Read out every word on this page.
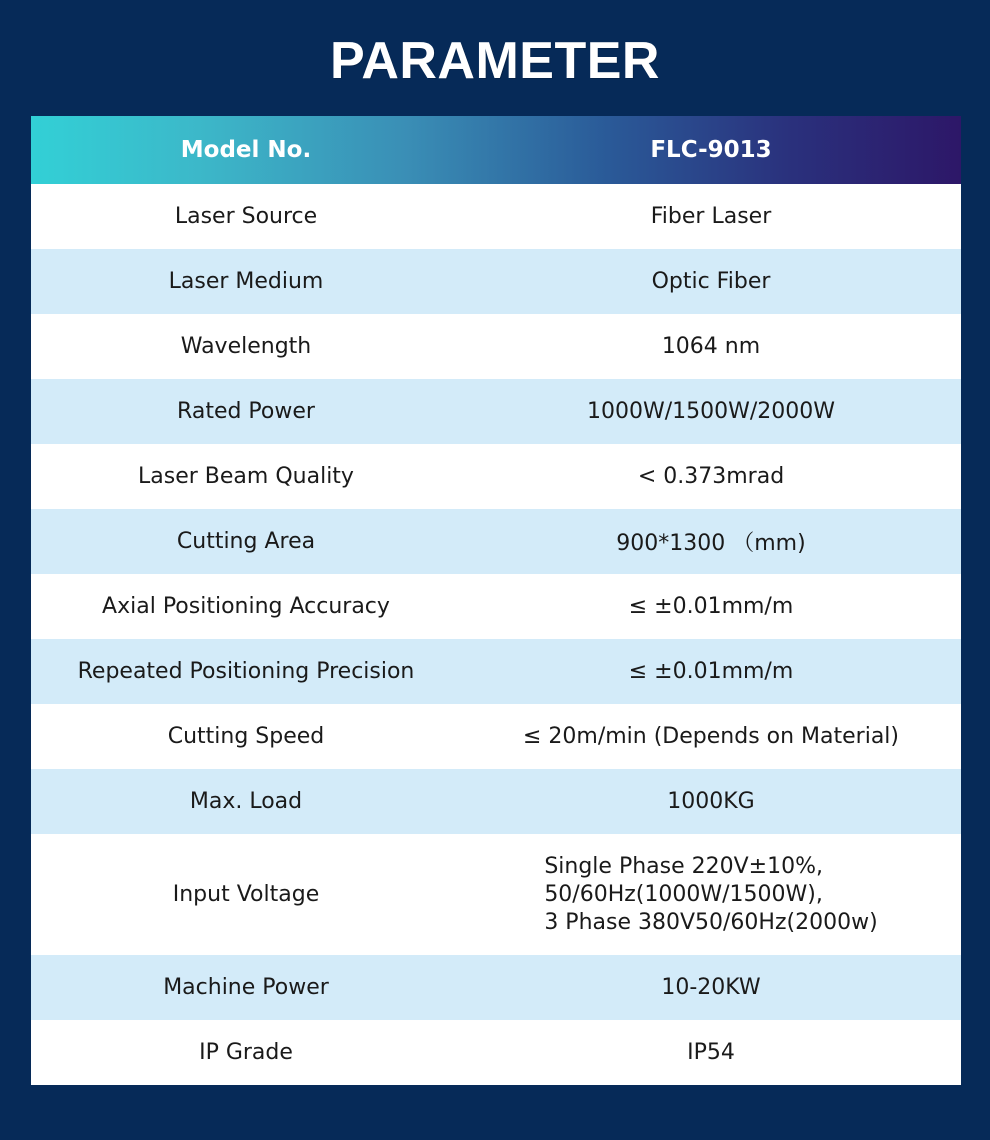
PARAMETER
Model No.	FLC-9013
Laser Source	Fiber Laser
Laser Medium	Optic Fiber
Wavelength	1064 nm
Rated Power	1000W/1500W/2000W
Laser Beam Quality	< 0.373mrad
Cutting Area	900*1300 （mm)
Axial Positioning Accuracy	≤ ±0.01mm/m
Repeated Positioning Precision	≤ ±0.01mm/m
Cutting Speed	≤ 20m/min (Depends on Material)
Max. Load	1000KG
Input Voltage	Single Phase 220V±10%,
50/60Hz(1000W/1500W),
3 Phase 380V50/60Hz(2000w)
Machine Power	10-20KW
IP Grade	IP54
